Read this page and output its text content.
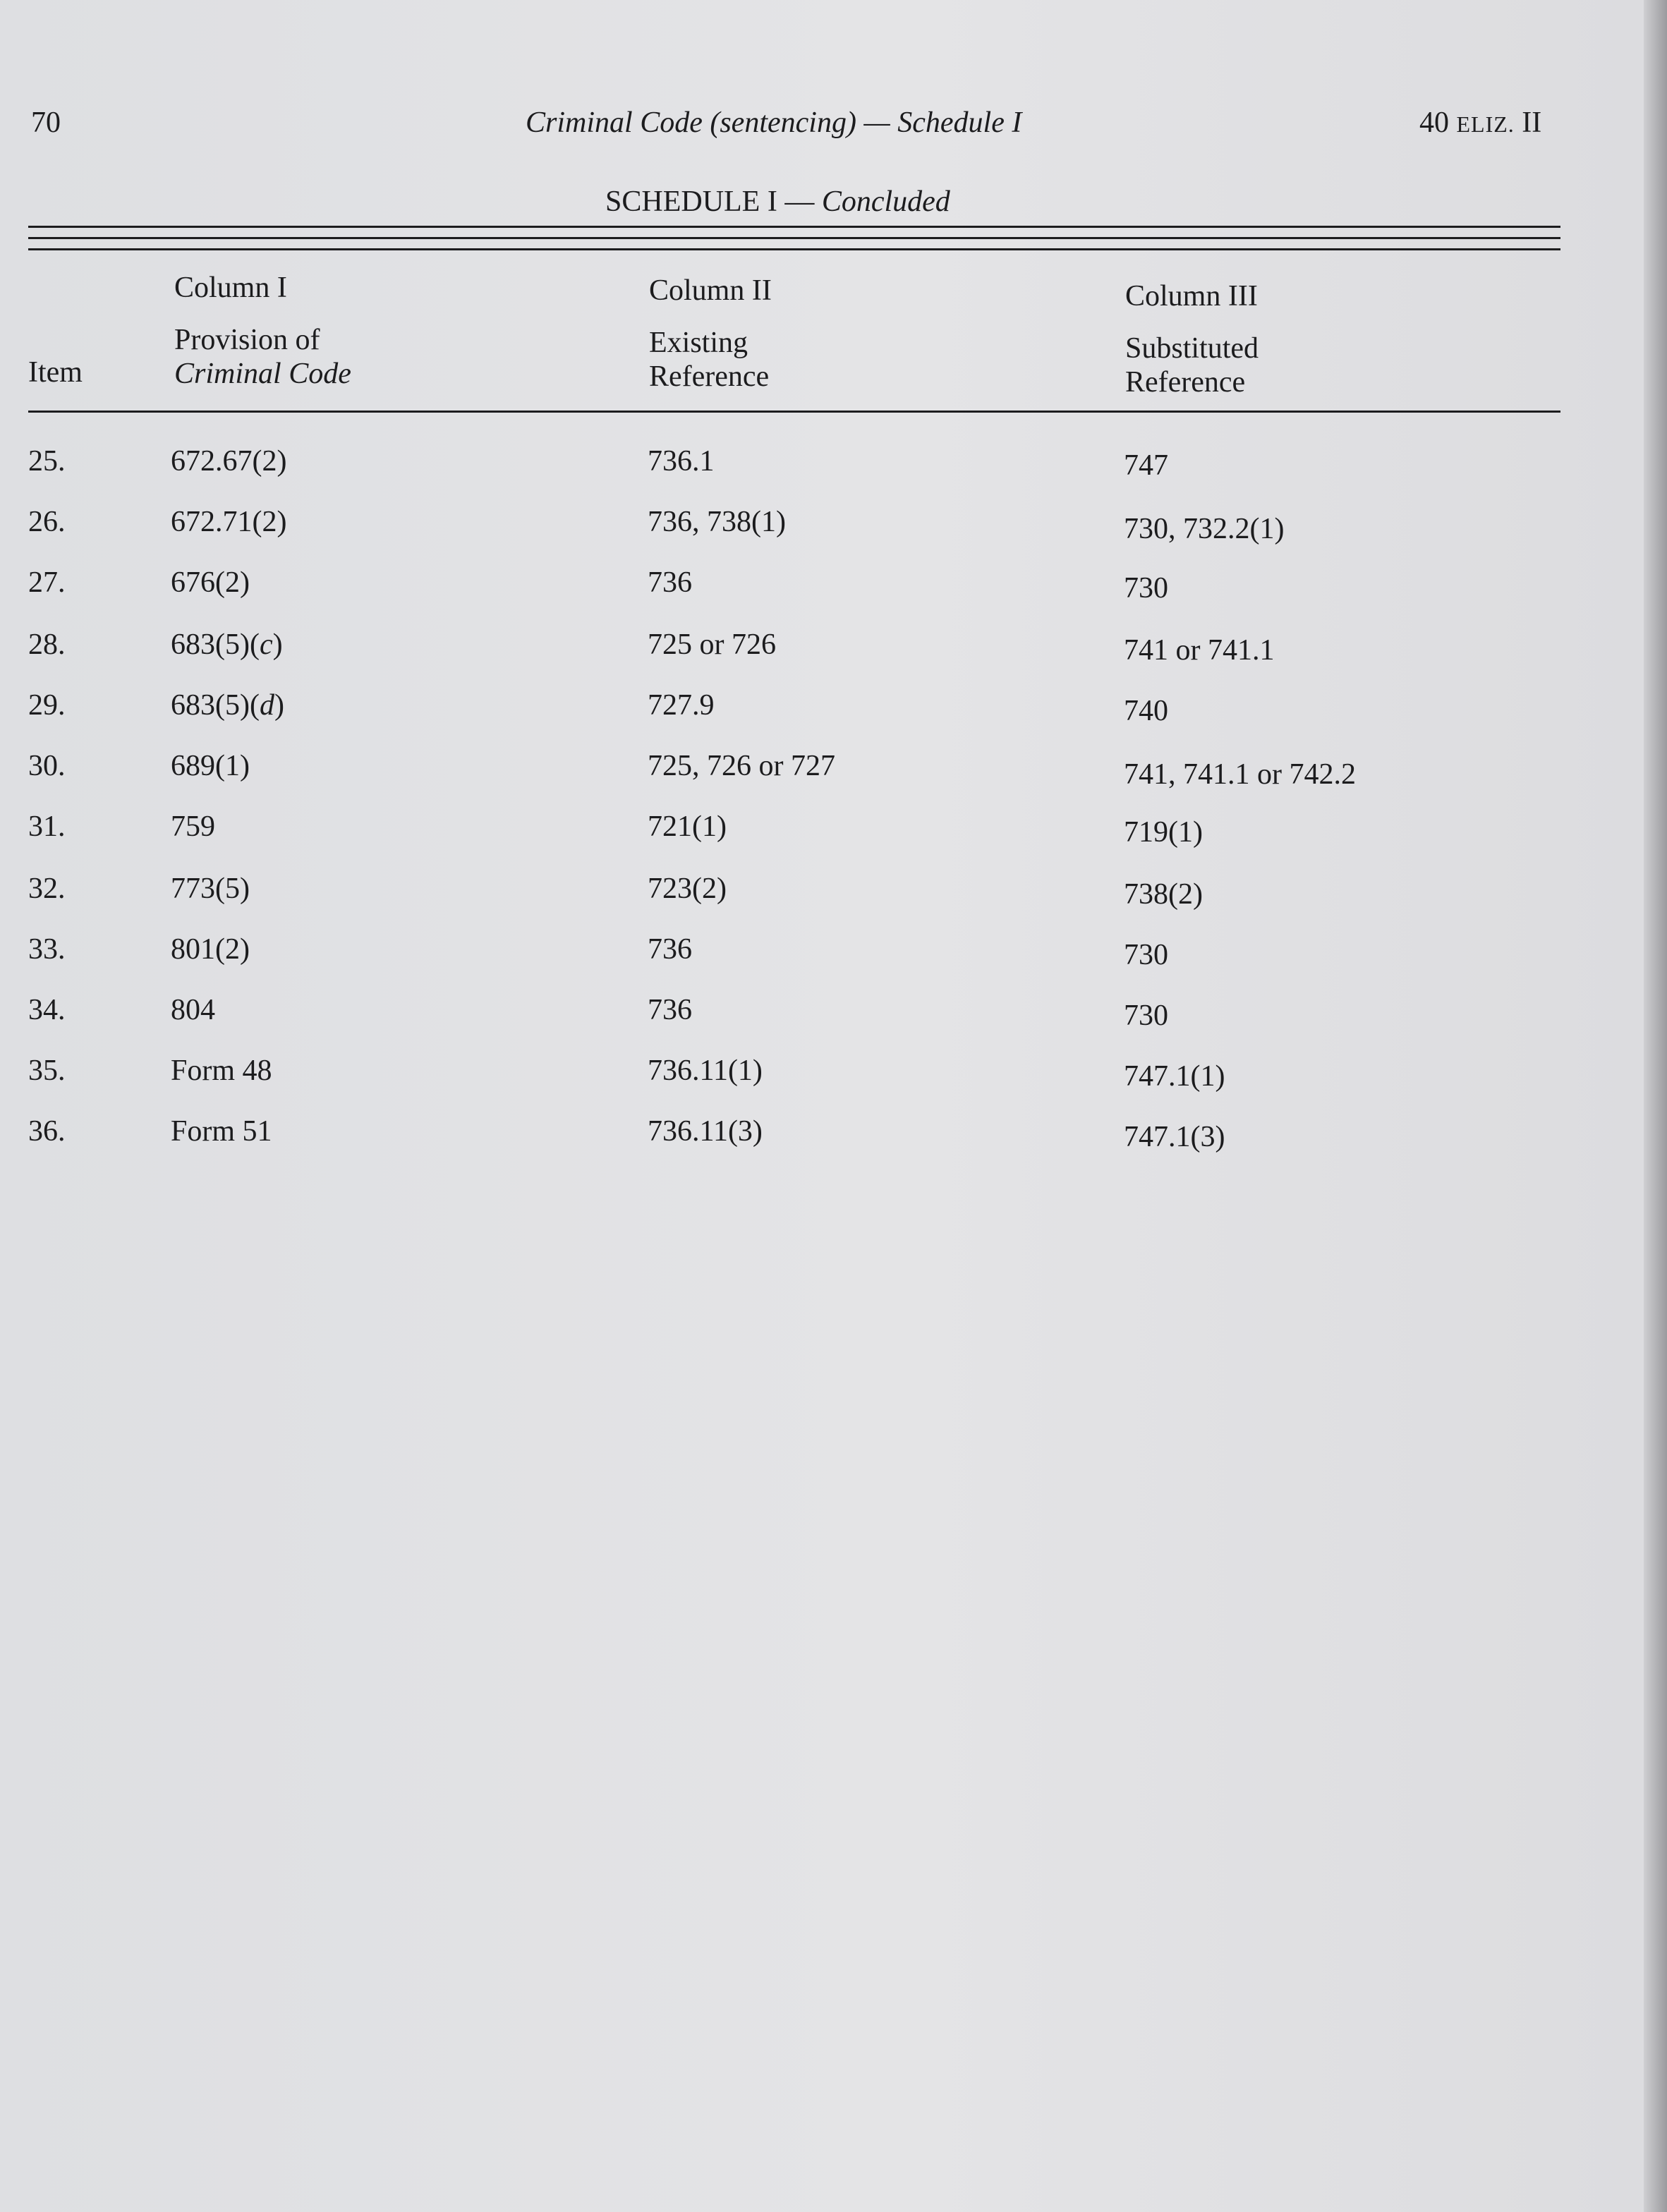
70	Criminal Code (sentencing) — Schedule I	40 ELIZ. II
SCHEDULE I — Concluded
Item
Column I
Provision of
Criminal Code
Column II
Existing
Reference
Column III
Substituted
Reference
25.	672.67(2)	736.1	747
26.	672.71(2)	736, 738(1)	730, 732.2(1)
27.	676(2)	736	730
28.	683(5)(c)	725 or 726	741 or 741.1
29.	683(5)(d)	727.9	740
30.	689(1)	725, 726 or 727	741, 741.1 or 742.2
31.	759	721(1)	719(1)
32.	773(5)	723(2)	738(2)
33.	801(2)	736	730
34.	804	736	730
35.	Form 48	736.11(1)	747.1(1)
36.	Form 51	736.11(3)	747.1(3)
